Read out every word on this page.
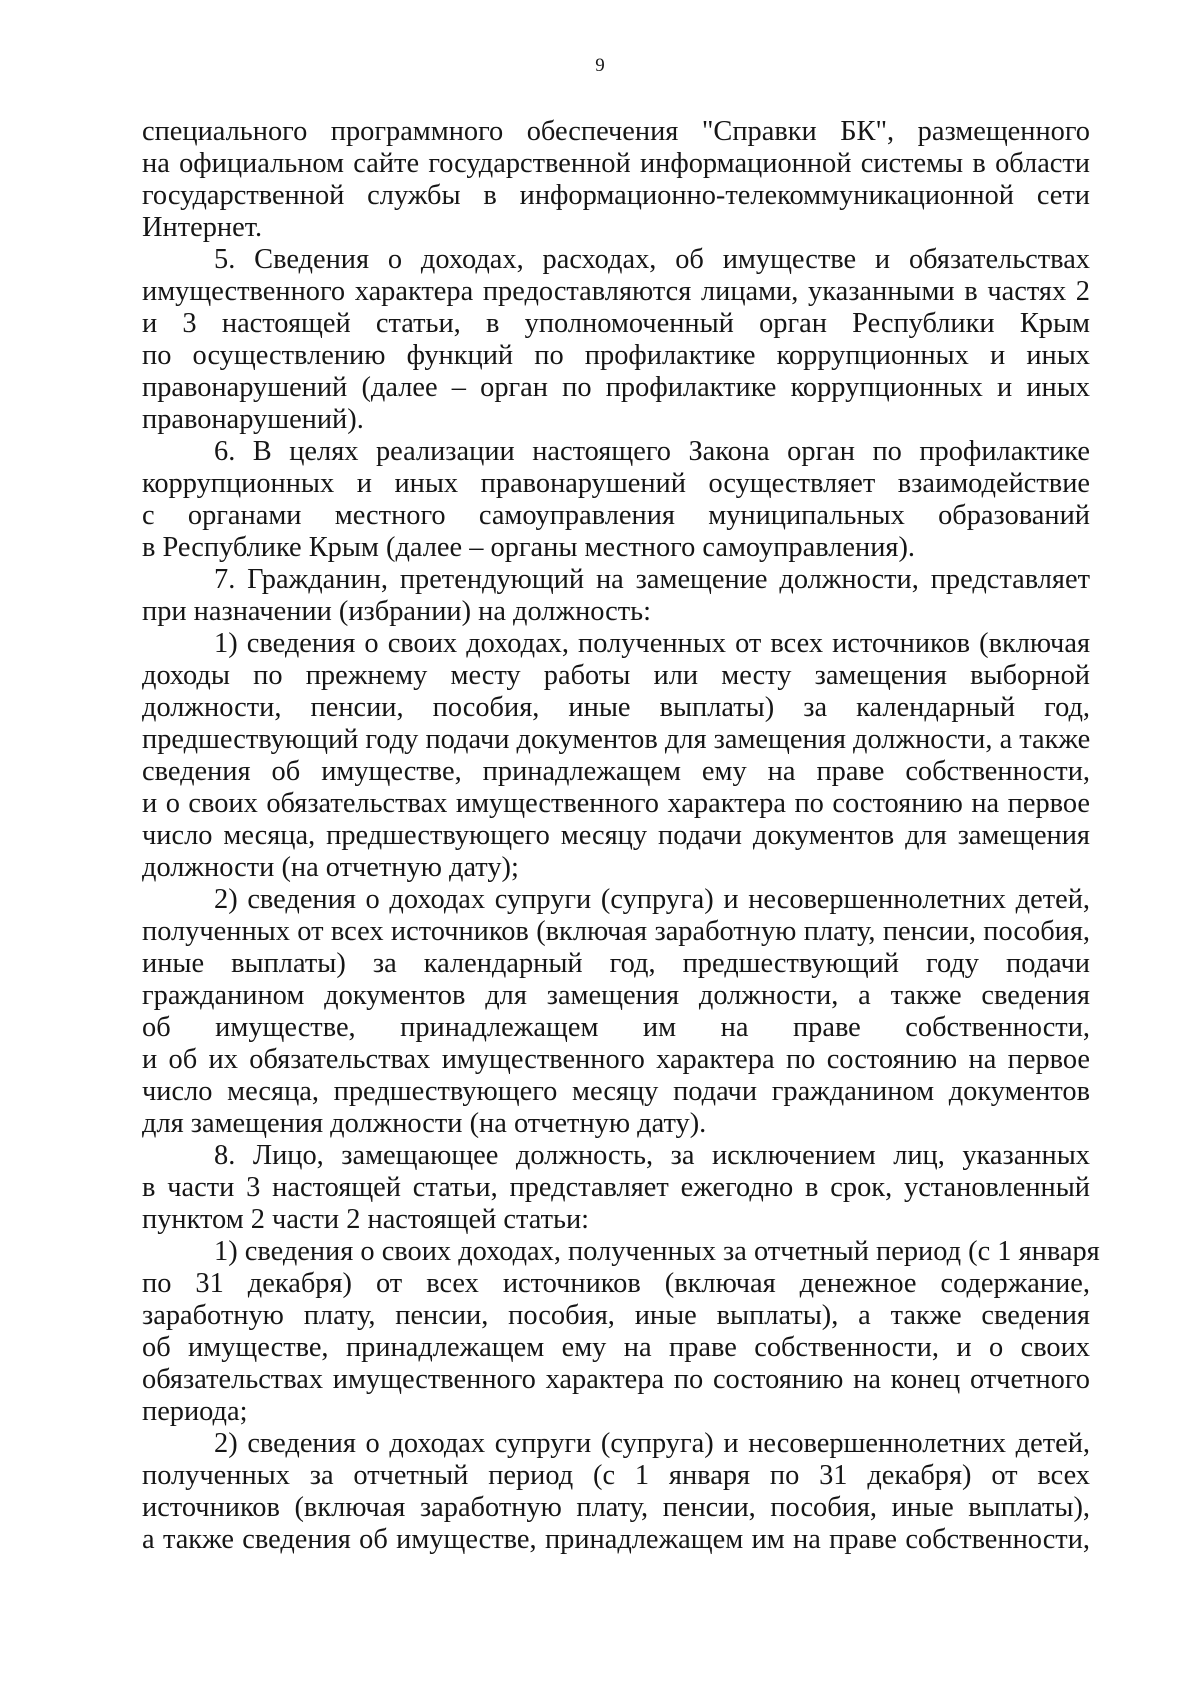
9
специального программного обеспечения "Справки БК", размещенного
на официальном сайте государственной информационной системы в области
государственной службы в информационно-телекоммуникационной сети
Интернет.
5. Сведения о доходах, расходах, об имуществе и обязательствах
имущественного характера предоставляются лицами, указанными в частях 2
и 3 настоящей статьи, в уполномоченный орган Республики Крым
по осуществлению функций по профилактике коррупционных и иных
правонарушений (далее – орган по профилактике коррупционных и иных
правонарушений).
6. В целях реализации настоящего Закона орган по профилактике
коррупционных и иных правонарушений осуществляет взаимодействие
с органами местного самоуправления муниципальных образований
в Республике Крым (далее – органы местного самоуправления).
7. Гражданин, претендующий на замещение должности, представляет
при назначении (избрании) на должность:
1) сведения о своих доходах, полученных от всех источников (включая
доходы по прежнему месту работы или месту замещения выборной
должности, пенсии, пособия, иные выплаты) за календарный год,
предшествующий году подачи документов для замещения должности, а также
сведения об имуществе, принадлежащем ему на праве собственности,
и о своих обязательствах имущественного характера по состоянию на первое
число месяца, предшествующего месяцу подачи документов для замещения
должности (на отчетную дату);
2) сведения о доходах супруги (супруга) и несовершеннолетних детей,
полученных от всех источников (включая заработную плату, пенсии, пособия,
иные выплаты) за календарный год, предшествующий году подачи
гражданином документов для замещения должности, а также сведения
об имуществе, принадлежащем им на праве собственности,
и об их обязательствах имущественного характера по состоянию на первое
число месяца, предшествующего месяцу подачи гражданином документов
для замещения должности (на отчетную дату).
8. Лицо, замещающее должность, за исключением лиц, указанных
в части 3 настоящей статьи, представляет ежегодно в срок, установленный
пунктом 2 части 2 настоящей статьи:
1) сведения о своих доходах, полученных за отчетный период (с 1 января
по 31 декабря) от всех источников (включая денежное содержание,
заработную плату, пенсии, пособия, иные выплаты), а также сведения
об имуществе, принадлежащем ему на праве собственности, и о своих
обязательствах имущественного характера по состоянию на конец отчетного
периода;
2) сведения о доходах супруги (супруга) и несовершеннолетних детей,
полученных за отчетный период (с 1 января по 31 декабря) от всех
источников (включая заработную плату, пенсии, пособия, иные выплаты),
а также сведения об имуществе, принадлежащем им на праве собственности,
